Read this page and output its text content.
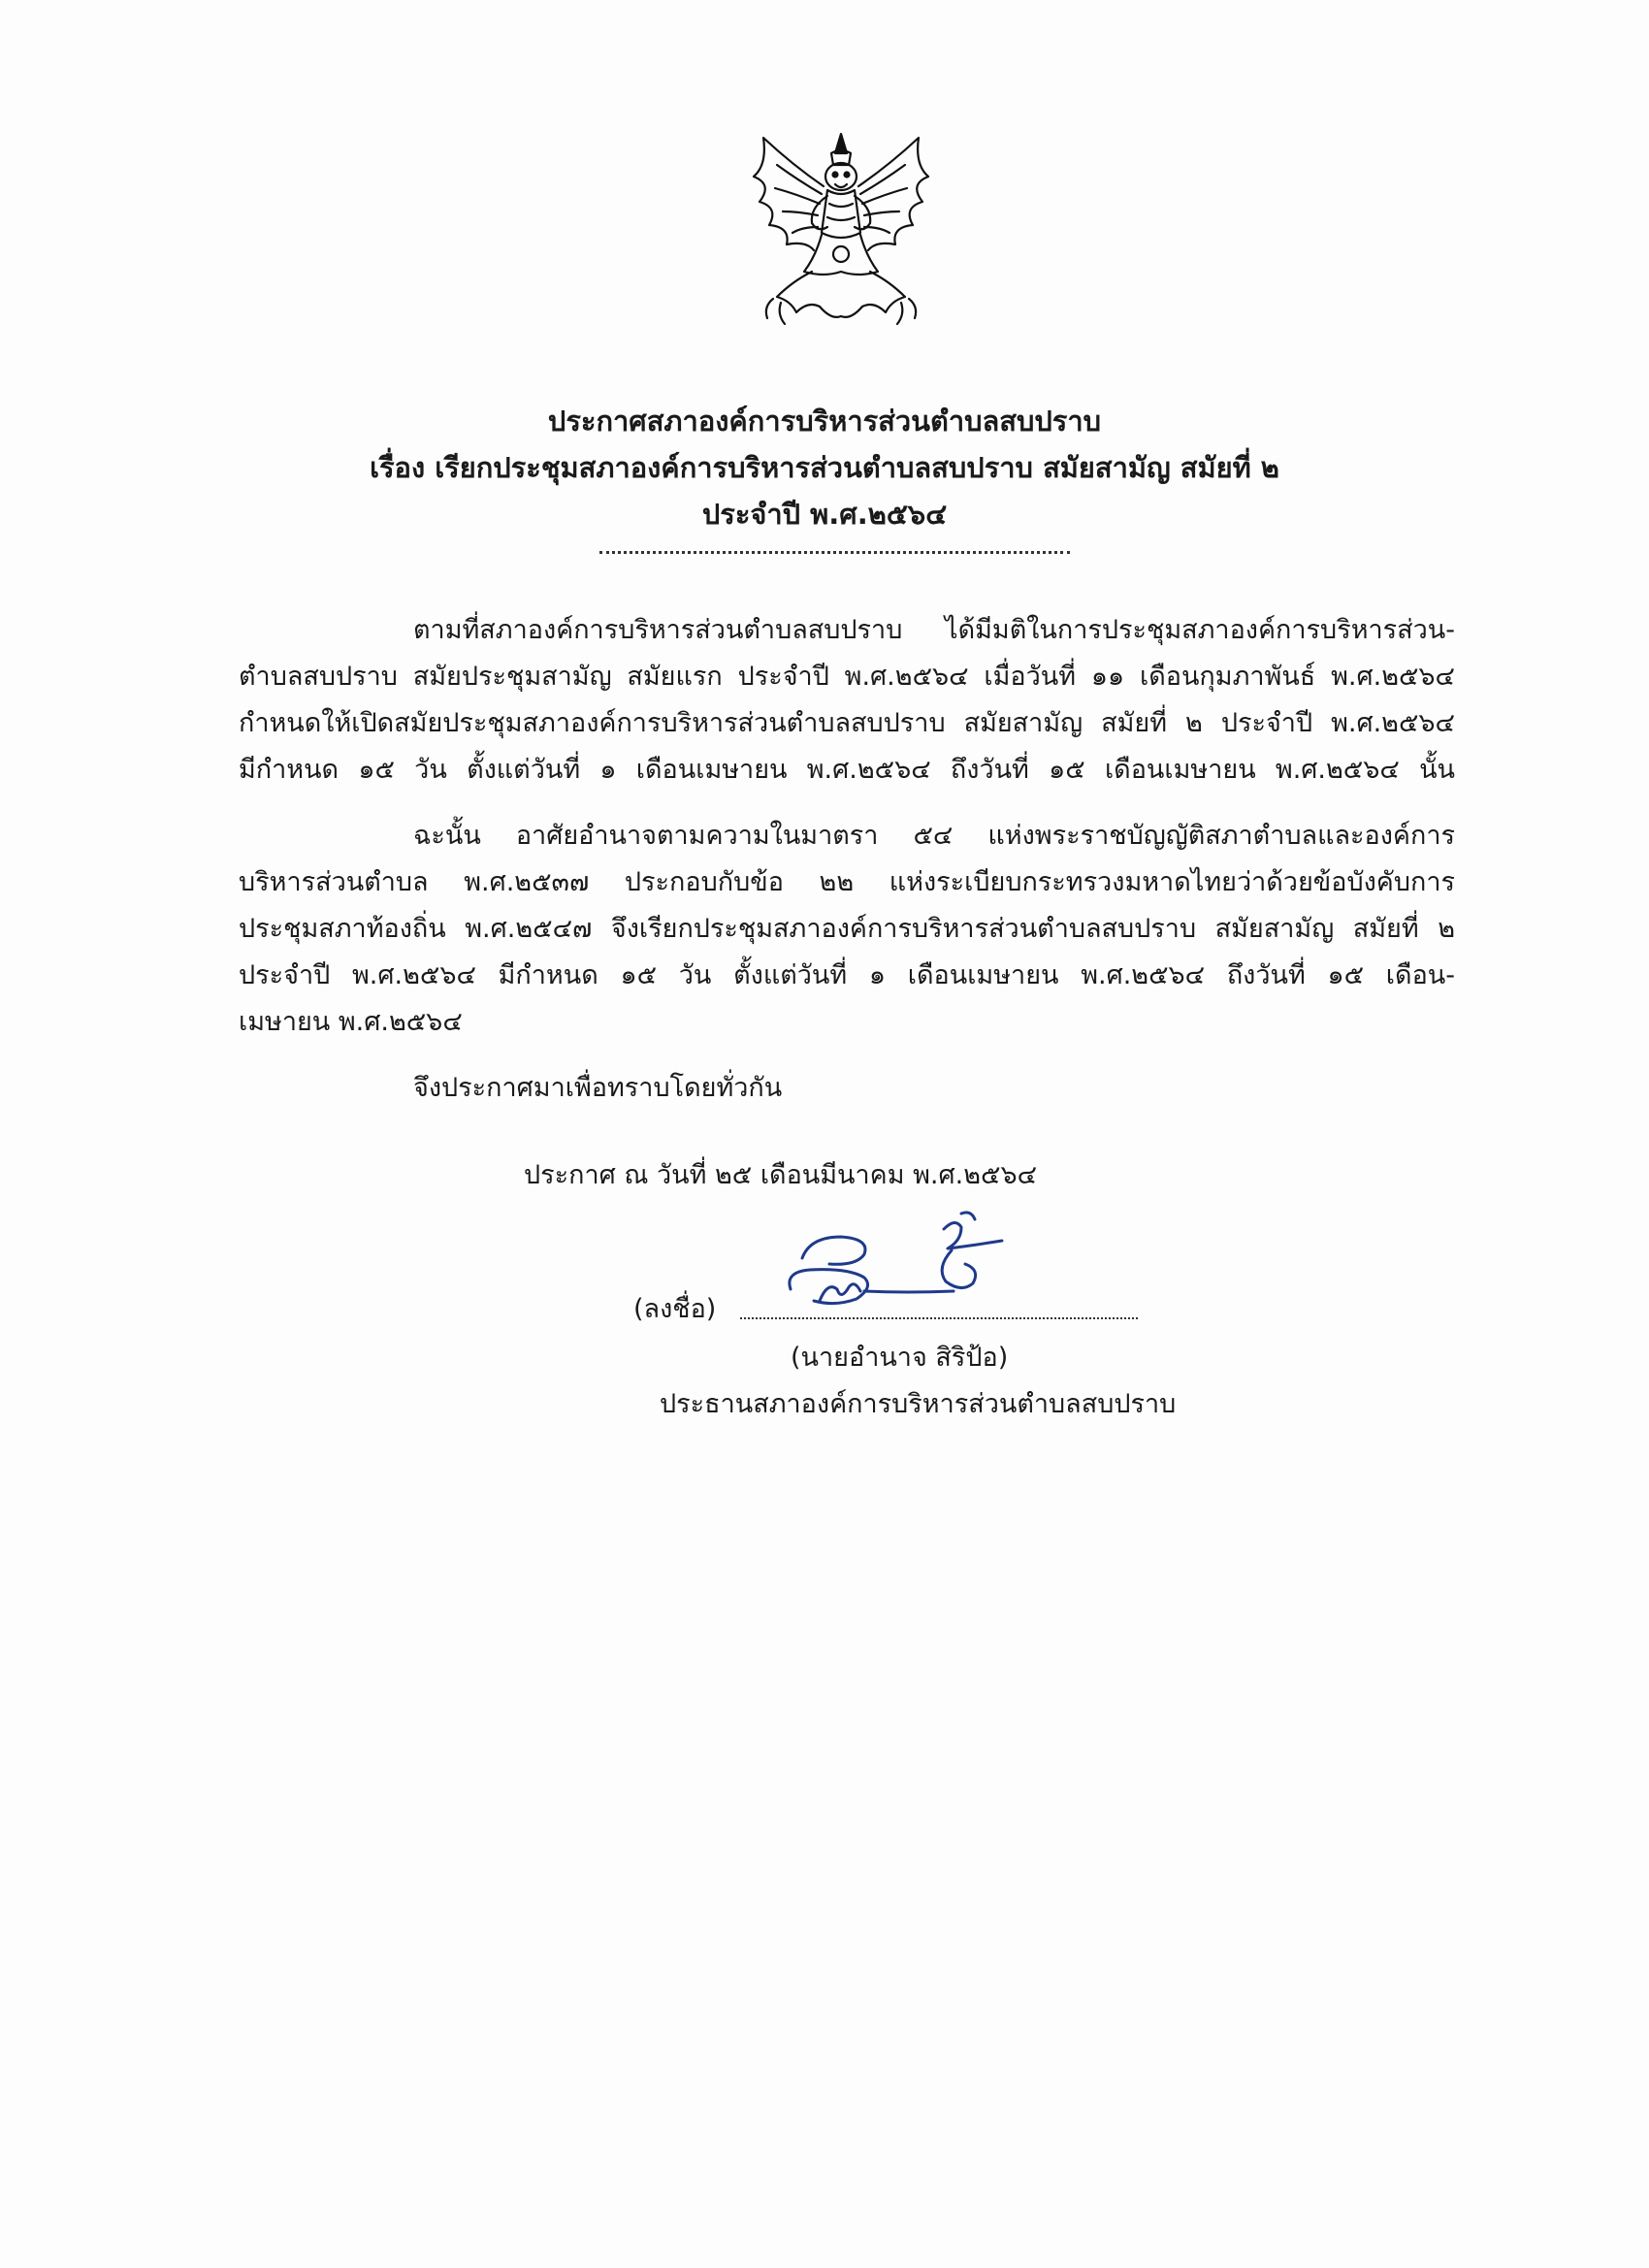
ประกาศสภาองค์การบริหารส่วนตำบลสบปราบ
เรื่อง เรียกประชุมสภาองค์การบริหารส่วนตำบลสบปราบ สมัยสามัญ สมัยที่ ๒
ประจำปี พ.ศ.๒๕๖๔
ตามที่สภาองค์การบริหารส่วนตำบลสบปราบ ได้มีมติในการประชุมสภาองค์การบริหารส่วน-
ตำบลสบปราบ สมัยประชุมสามัญ สมัยแรก ประจำปี พ.ศ.๒๕๖๔ เมื่อวันที่ ๑๑ เดือนกุมภาพันธ์ พ.ศ.๒๕๖๔
กำหนดให้เปิดสมัยประชุมสภาองค์การบริหารส่วนตำบลสบปราบ สมัยสามัญ สมัยที่ ๒ ประจำปี พ.ศ.๒๕๖๔
มีกำหนด ๑๕ วัน ตั้งแต่วันที่ ๑ เดือนเมษายน พ.ศ.๒๕๖๔ ถึงวันที่ ๑๕ เดือนเมษายน พ.ศ.๒๕๖๔ นั้น
ฉะนั้น อาศัยอำนาจตามความในมาตรา ๕๔ แห่งพระราชบัญญัติสภาตำบลและองค์การ
บริหารส่วนตำบล พ.ศ.๒๕๓๗ ประกอบกับข้อ ๒๒ แห่งระเบียบกระทรวงมหาดไทยว่าด้วยข้อบังคับการ
ประชุมสภาท้องถิ่น พ.ศ.๒๕๔๗ จึงเรียกประชุมสภาองค์การบริหารส่วนตำบลสบปราบ สมัยสามัญ สมัยที่ ๒
ประจำปี พ.ศ.๒๕๖๔ มีกำหนด ๑๕ วัน ตั้งแต่วันที่ ๑ เดือนเมษายน พ.ศ.๒๕๖๔ ถึงวันที่ ๑๕ เดือน-
เมษายน พ.ศ.๒๕๖๔
จึงประกาศมาเพื่อทราบโดยทั่วกัน
ประกาศ ณ วันที่ ๒๕ เดือนมีนาคม พ.ศ.๒๕๖๔
(ลงชื่อ)
(นายอำนาจ สิริป้อ)
ประธานสภาองค์การบริหารส่วนตำบลสบปราบ
